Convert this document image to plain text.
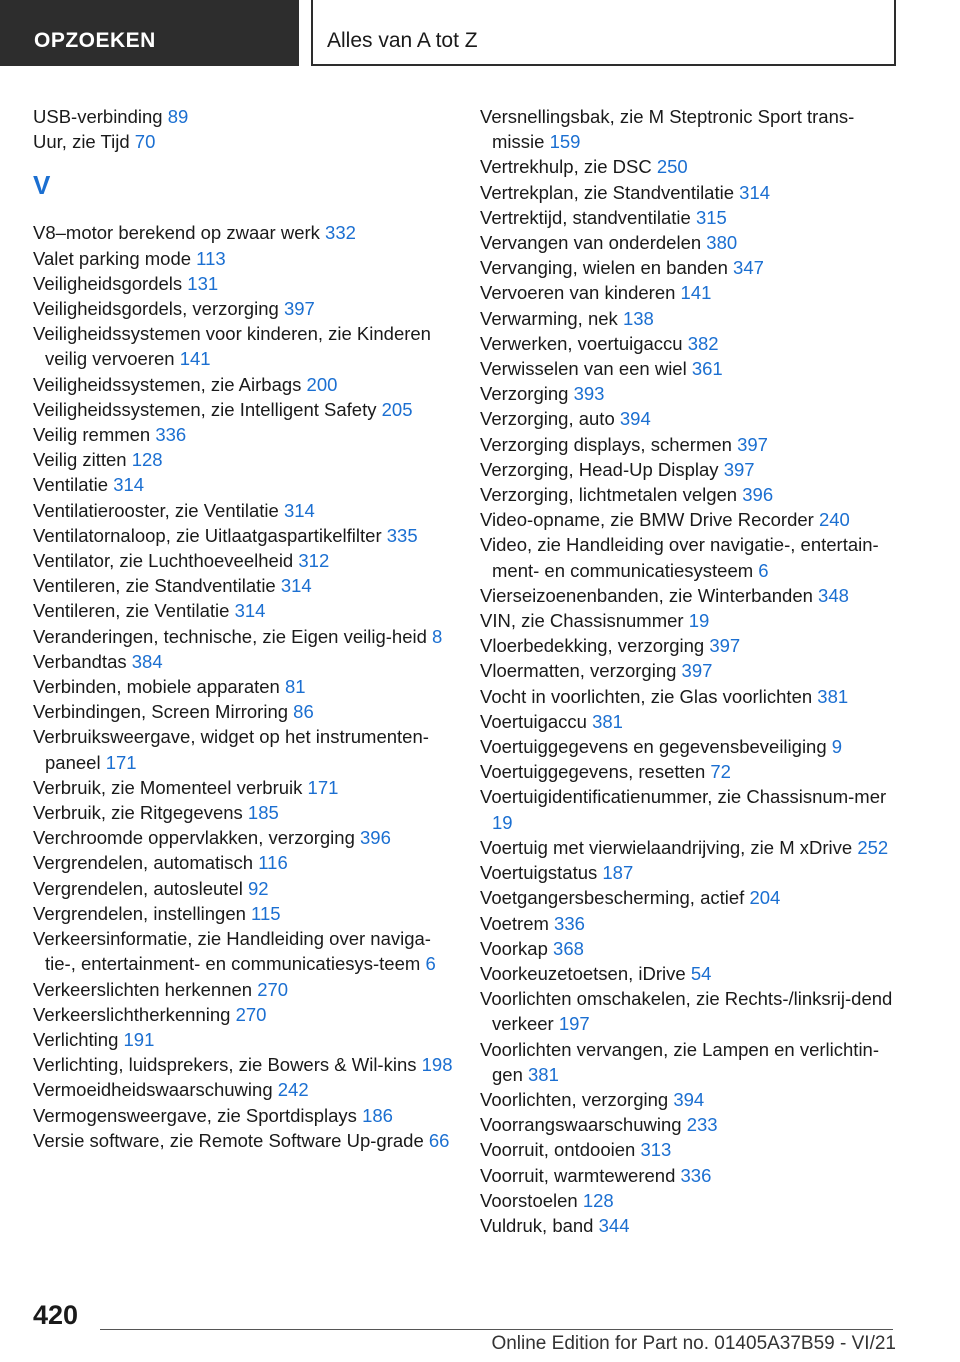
OPZOEKEN	Alles van A tot Z
USB-verbinding 89
Uur, zie Tijd 70
V
V8–motor berekend op zwaar werk 332
Valet parking mode 113
Veiligheidsgordels 131
Veiligheidsgordels, verzorging 397
Veiligheidssystemen voor kinderen, zie Kinderen veilig vervoeren 141
Veiligheidssystemen, zie Airbags 200
Veiligheidssystemen, zie Intelligent Safety 205
Veilig remmen 336
Veilig zitten 128
Ventilatie 314
Ventilatierooster, zie Ventilatie 314
Ventilatornaloop, zie Uitlaatgaspartikelfilter 335
Ventilator, zie Luchthoeveelheid 312
Ventileren, zie Standventilatie 314
Ventileren, zie Ventilatie 314
Veranderingen, technische, zie Eigen veilig-heid 8
Verbandtas 384
Verbinden, mobiele apparaten 81
Verbindingen, Screen Mirroring 86
Verbruiksweergave, widget op het instrumenten-paneel 171
Verbruik, zie Momenteel verbruik 171
Verbruik, zie Ritgegevens 185
Verchroomde oppervlakken, verzorging 396
Vergrendelen, automatisch 116
Vergrendelen, autosleutel 92
Vergrendelen, instellingen 115
Verkeersinformatie, zie Handleiding over naviga-tie-, entertainment- en communicatiesys-teem 6
Verkeerslichten herkennen 270
Verkeerslichtherkenning 270
Verlichting 191
Verlichting, luidsprekers, zie Bowers & Wil-kins 198
Vermoeidheidswaarschuwing 242
Vermogensweergave, zie Sportdisplays 186
Versie software, zie Remote Software Up-grade 66
Versnellingsbak, zie M Steptronic Sport trans-missie 159
Vertrekhulp, zie DSC 250
Vertrekplan, zie Standventilatie 314
Vertrektijd, standventilatie 315
Vervangen van onderdelen 380
Vervanging, wielen en banden 347
Vervoeren van kinderen 141
Verwarming, nek 138
Verwerken, voertuigaccu 382
Verwisselen van een wiel 361
Verzorging 393
Verzorging, auto 394
Verzorging displays, schermen 397
Verzorging, Head-Up Display 397
Verzorging, lichtmetalen velgen 396
Video-opname, zie BMW Drive Recorder 240
Video, zie Handleiding over navigatie-, entertain-ment- en communicatiesysteem 6
Vierseizoenenbanden, zie Winterbanden 348
VIN, zie Chassisnummer 19
Vloerbedekking, verzorging 397
Vloermatten, verzorging 397
Vocht in voorlichten, zie Glas voorlichten 381
Voertuigaccu 381
Voertuiggegevens en gegevensbeveiliging 9
Voertuiggegevens, resetten 72
Voertuigidentificatienummer, zie Chassisnum-mer19
Voertuig met vierwielaandrijving, zie M xDrive 252
Voertuigstatus 187
Voetgangersbescherming, actief 204
Voetrem 336
Voorkap 368
Voorkeuzetoetsen, iDrive 54
Voorlichten omschakelen, zie Rechts-/linksrij-dend verkeer 197
Voorlichten vervangen, zie Lampen en verlichtin-gen 381
Voorlichten, verzorging 394
Voorrangswaarschuwing 233
Voorruit, ontdooien 313
Voorruit, warmtewerend 336
Voorstoelen 128
Vuldruk, band 344
420
Online Edition for Part no. 01405A37B59 - VI/21
